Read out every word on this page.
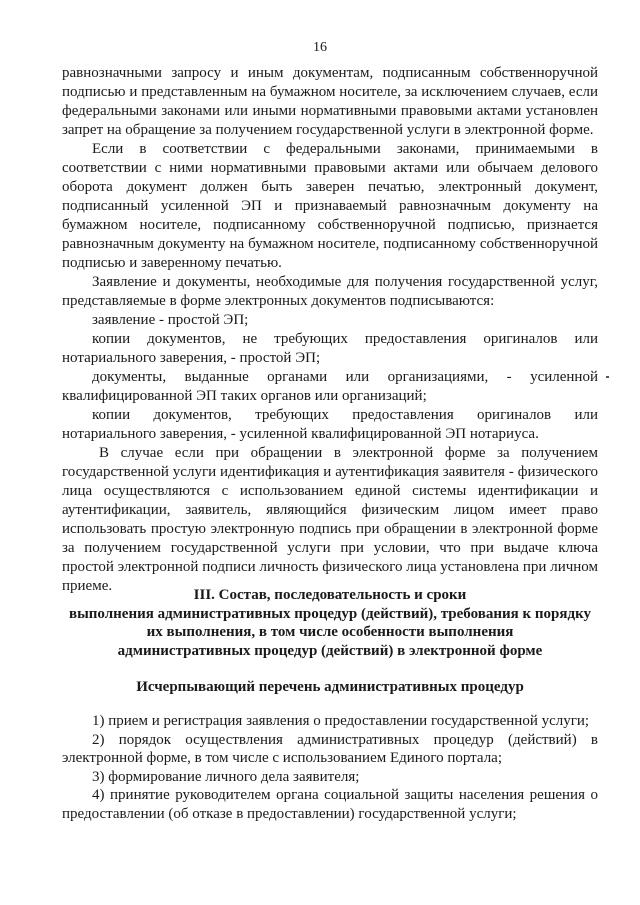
16

равнозначными запросу и иным документам, подписанным собственноручной подписью и представленным на бумажном носителе, за исключением случаев, если федеральными законами или иными нормативными правовыми актами установлен запрет на обращение за получением государственной услуги в электронной форме.

Если в соответствии с федеральными законами, принимаемыми в соответствии с ними нормативными правовыми актами или обычаем делового оборота документ должен быть заверен печатью, электронный документ, подписанный усиленной ЭП и признаваемый равнозначным документу на бумажном носителе, подписанному собственноручной подписью, признается равнозначным документу на бумажном носителе, подписанному собственноручной подписью и заверенному печатью.

Заявление и документы, необходимые для получения государственной услуг, представляемые в форме электронных документов подписываются:

заявление - простой ЭП;

копии документов, не требующих предоставления оригиналов или нотариального заверения, - простой ЭП;

документы, выданные органами или организациями, - усиленной квалифицированной ЭП таких органов или организаций;

копии документов, требующих предоставления оригиналов или нотариального заверения, - усиленной квалифицированной ЭП нотариуса.

В случае если при обращении в электронной форме за получением государственной услуги идентификация и аутентификация заявителя - физического лица осуществляются с использованием единой системы идентификации и аутентификации, заявитель, являющийся физическим лицом имеет право использовать простую электронную подпись при обращении в электронной форме за получением государственной услуги при условии, что при выдаче ключа простой электронной подписи личность физического лица установлена при личном приеме.

III. Состав, последовательность и сроки
выполнения административных процедур (действий), требования к порядку
их выполнения, в том числе особенности выполнения
административных процедур (действий) в электронной форме
Исчерпывающий перечень административных процедур

1) прием и регистрация заявления о предоставлении государственной услуги;

2) порядок осуществления административных процедур (действий) в электронной форме, в том числе с использованием Единого портала;

3) формирование личного дела заявителя;

4) принятие руководителем органа социальной защиты населения решения о предоставлении (об отказе в предоставлении) государственной услуги;
